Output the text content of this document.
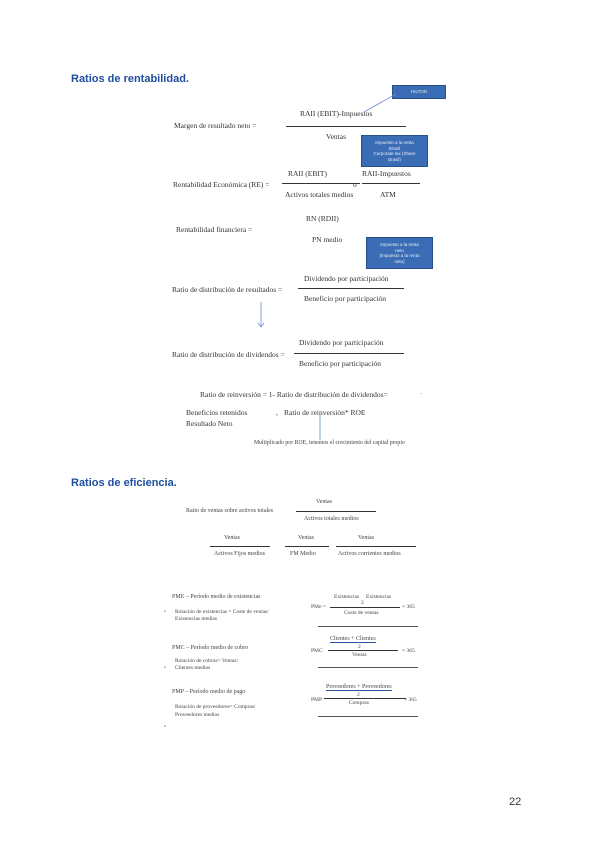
Ratios de rentabilidad.
Ratios de eficiencia.
HILTON
Margen de resultado neto =
RAII (EBIT)-Impuestos
Ventas
Impuesto a la renta
Brasil
Corporate tax (Share
Brasil)
Rentabilidad Económica (RE) =
RAII (EBIT)
Activos totales medios
o
RAII-Impuestos
ATM
Rentabilidad financiera =
RN (RDII)
PN medio
Impuesto a la renta
neto
(Impuesto a la renta
neto)
Ratio de distribución de resultados =
Dividendo por participación
Beneficio por participación
Ratio de distribución de dividendos =
Dividendo por participación
Beneficio por participación
Ratio de reinversión = 1- Ratio de distribución de dividendos=	·
Beneficios retenidos
Resultado Neto
, Ratio de reinversión* ROE
Multiplicado por ROE, tenemos el crecimiento del capital propio
Ratio de ventas sobre activos totales
Ventas
Activos totales medios
Ventas
Activos Fijos medios
Ventas
FM Medio
Ventas
Activos corrientes medios
PME – Período medio de existencias
• Rotación de existencias = Coste de ventas/
Existencias medias
PMe =
Existencias Existencias
2
Coste de ventas
× 365
PMC – Período medio de cobro
Rotación de cobros= Ventas/
• Clientes medios
PMC
Clientes + Clientes
2
Ventas
× 365
PMP – Período medio de pago
Rotación de proveedores= Compras/
Proveedores medios
•
PMP
Proveedores + Proveedores
2
Compras	× 365
22
